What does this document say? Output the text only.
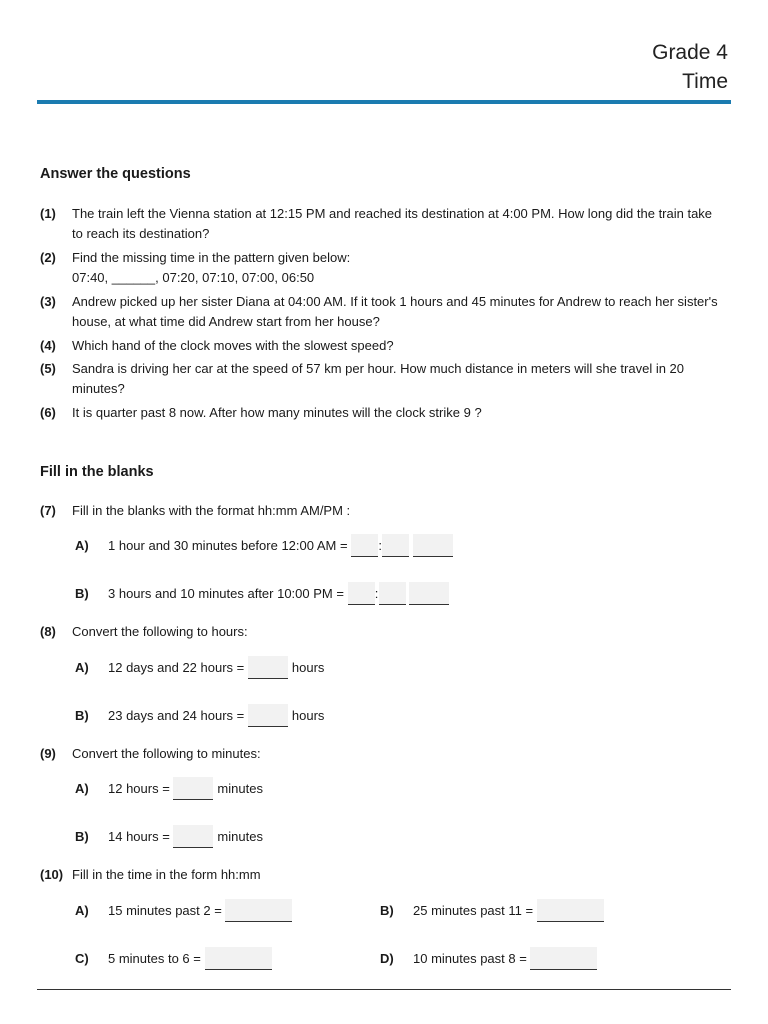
Grade 4
Time
Answer the questions
(1) The train left the Vienna station at 12:15 PM and reached its destination at 4:00 PM. How long did the train take to reach its destination?
(2) Find the missing time in the pattern given below:
07:40, ______, 07:20, 07:10, 07:00, 06:50
(3) Andrew picked up her sister Diana at 04:00 AM. If it took 1 hours and 45 minutes for Andrew to reach her sister's house, at what time did Andrew start from her house?
(4) Which hand of the clock moves with the slowest speed?
(5) Sandra is driving her car at the speed of 57 km per hour. How much distance in meters will she travel in 20 minutes?
(6) It is quarter past 8 now. After how many minutes will the clock strike 9 ?
Fill in the blanks
(7) Fill in the blanks with the format hh:mm AM/PM :
A) 1 hour and 30 minutes before 12:00 AM = :
B) 3 hours and 10 minutes after 10:00 PM = :
(8) Convert the following to hours:
A) 12 days and 22 hours =	hours
B) 23 days and 24 hours =	hours
(9) Convert the following to minutes:
A) 12 hours =	minutes
B) 14 hours =	minutes
(10) Fill in the time in the form hh:mm
A) 15 minutes past 2 =	B) 25 minutes past 11 =
C) 5 minutes to 6 =	D) 10 minutes past 8 =
